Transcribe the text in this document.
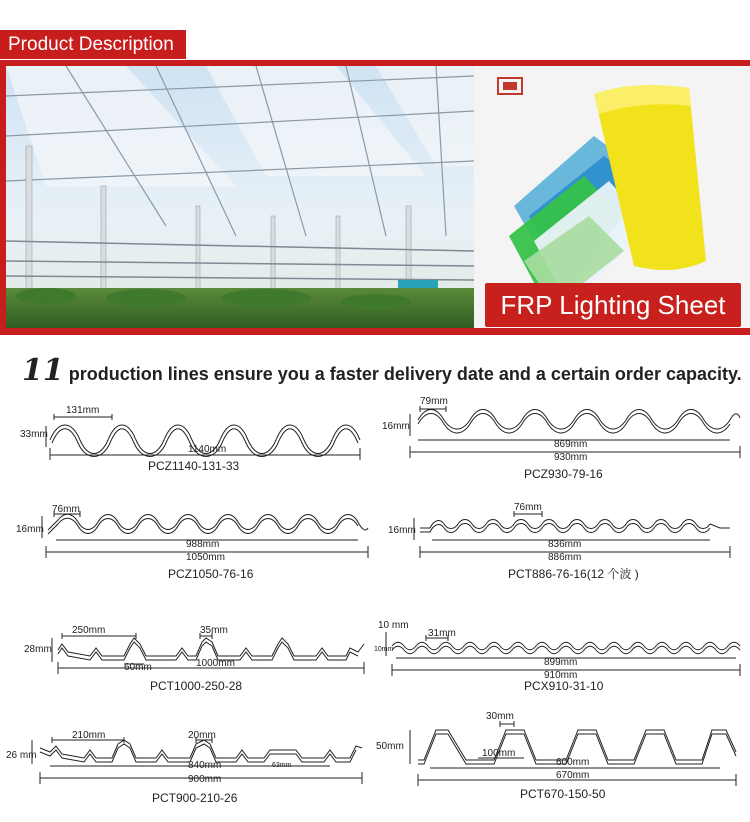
Product Description
FRP Lighting Sheet
11 production lines ensure you a faster delivery date and a certain order capacity.
131mm
33mm
1140mm
79mm
16mm
869mm
930mm
76mm
16mm
988mm
1050mm
76mm
16mm
836mm
886mm
250mm	35mm
28mm
60mm	1000mm
10 mm
31mm
10mm
899mm
910mm
210mm	20mm
26 mm
840mm	63mm
900mm
30mm
50mm
100mm
600mm
670mm
PCZ1140-131-33
PCZ930-79-16
PCZ1050-76-16	PCT886-76-16(12 个波 )
PCT1000-250-28	PCX910-31-10
PCT900-210-26	PCT670-150-50
